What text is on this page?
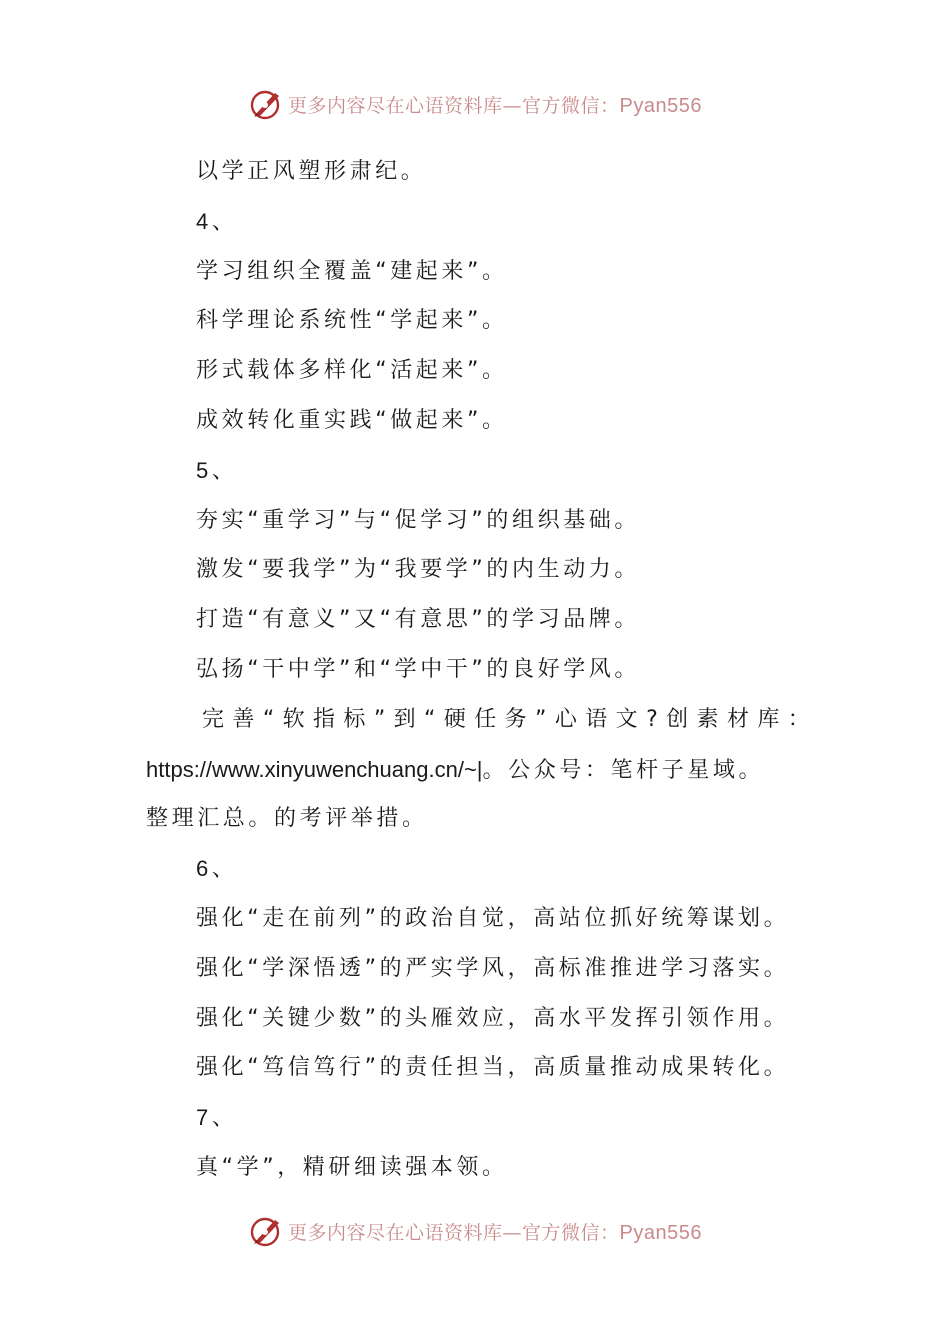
更多内容尽在心语资料库—官方微信：Pyan556
以学正风塑形肃纪。
4、
学习组织全覆盖“建起来”。
科学理论系统性“学起来”。
形式载体多样化“活起来”。
成效转化重实践“做起来”。
5、
夯实“重学习”与“促学习”的组织基础。
激发“要我学”为“我要学”的内生动力。
打造“有意义”又“有意思”的学习品牌。
弘扬“干中学”和“学中干”的良好学风。
完 善 “ 软 指 标 ” 到 “ 硬 任 务 ” 心 语 文 ? 创 素 材 库 ：
https://www.xinyuwenchuang.cn/~|。公众号：笔杆子星域。
整理汇总。的考评举措。
6、
强化“走在前列”的政治自觉，高站位抓好统筹谋划。
强化“学深悟透”的严实学风，高标准推进学习落实。
强化“关键少数”的头雁效应，高水平发挥引领作用。
强化“笃信笃行”的责任担当，高质量推动成果转化。
7、
真“学”，精研细读强本领。
更多内容尽在心语资料库—官方微信：Pyan556
